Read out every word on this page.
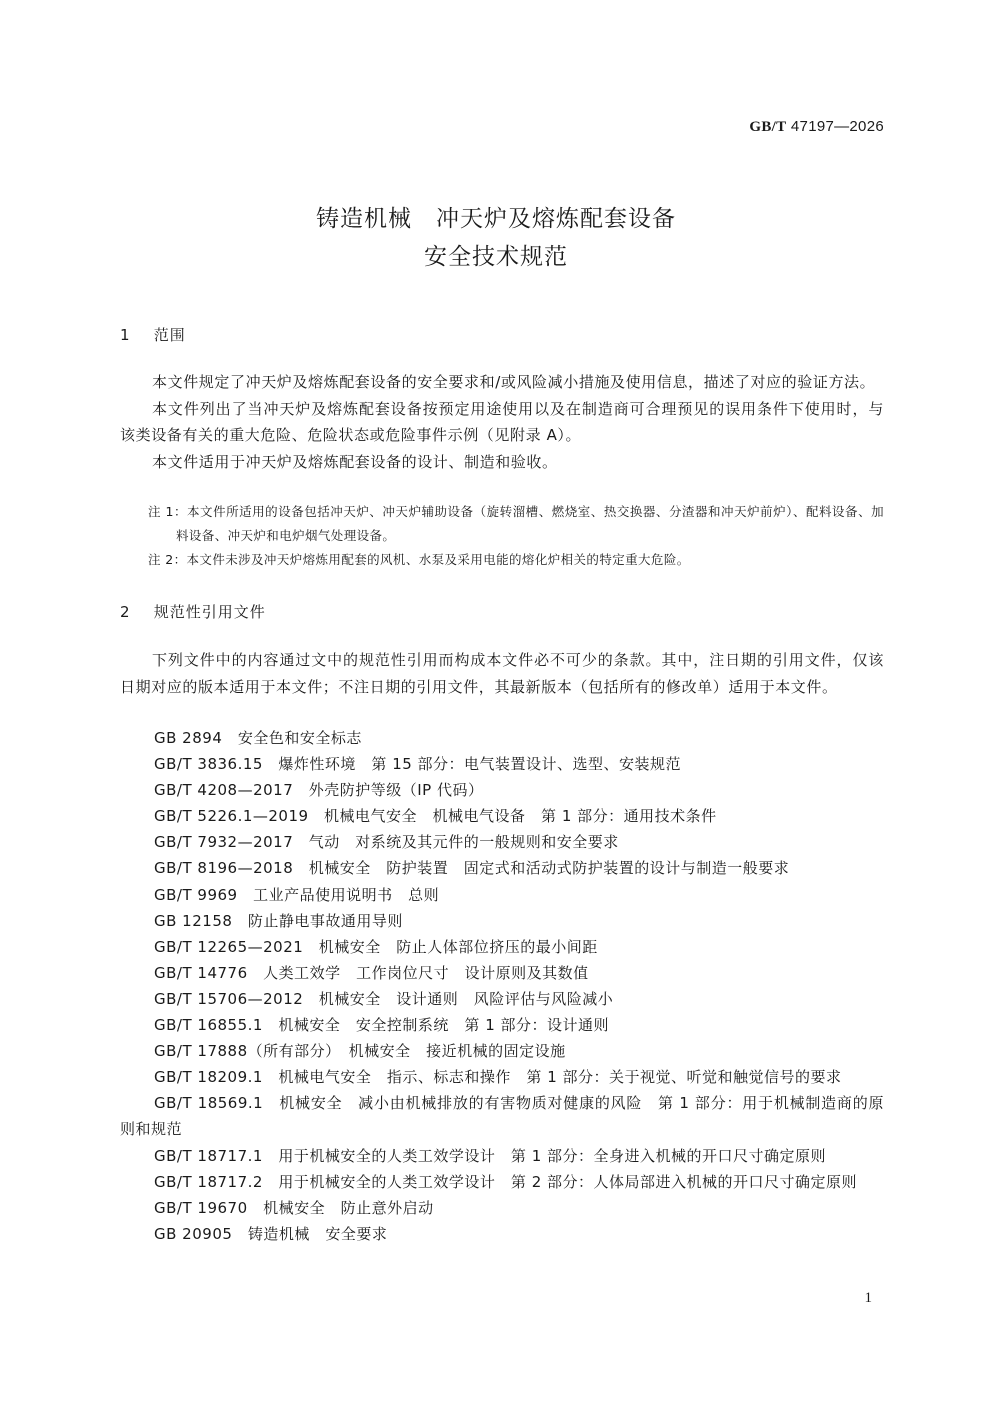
GB/T 47197—2026
铸造机械　冲天炉及熔炼配套设备
安全技术规范
1 范围

本文件规定了冲天炉及熔炼配套设备的安全要求和/或风险减小措施及使用信息，描述了对应的验证方法。

本文件列出了当冲天炉及熔炼配套设备按预定用途使用以及在制造商可合理预见的误用条件下使用时，与该类设备有关的重大危险、危险状态或危险事件示例（见附录 A）。

本文件适用于冲天炉及熔炼配套设备的设计、制造和验收。

注 1：本文件所适用的设备包括冲天炉、冲天炉辅助设备（旋转溜槽、燃烧室、热交换器、分渣器和冲天炉前炉）、配料设备、加料设备、冲天炉和电炉烟气处理设备。

注 2：本文件未涉及冲天炉熔炼用配套的风机、水泵及采用电能的熔化炉相关的特定重大危险。

2 规范性引用文件

下列文件中的内容通过文中的规范性引用而构成本文件必不可少的条款。其中，注日期的引用文件，仅该日期对应的版本适用于本文件；不注日期的引用文件，其最新版本（包括所有的修改单）适用于本文件。

GB 2894　安全色和安全标志

GB/T 3836.15　爆炸性环境　第 15 部分：电气装置设计、选型、安装规范

GB/T 4208—2017　外壳防护等级（IP 代码）

GB/T 5226.1—2019　机械电气安全　机械电气设备　第 1 部分：通用技术条件

GB/T 7932—2017　气动　对系统及其元件的一般规则和安全要求

GB/T 8196—2018　机械安全　防护装置　固定式和活动式防护装置的设计与制造一般要求

GB/T 9969　工业产品使用说明书　总则

GB 12158　防止静电事故通用导则

GB/T 12265—2021　机械安全　防止人体部位挤压的最小间距

GB/T 14776　人类工效学　工作岗位尺寸　设计原则及其数值

GB/T 15706—2012　机械安全　设计通则　风险评估与风险减小

GB/T 16855.1　机械安全　安全控制系统　第 1 部分：设计通则

GB/T 17888（所有部分）　机械安全　接近机械的固定设施

GB/T 18209.1　机械电气安全　指示、标志和操作　第 1 部分：关于视觉、听觉和触觉信号的要求

GB/T 18569.1　机械安全　减小由机械排放的有害物质对健康的风险　第 1 部分：用于机械制造商的原则和规范

GB/T 18717.1　用于机械安全的人类工效学设计　第 1 部分：全身进入机械的开口尺寸确定原则

GB/T 18717.2　用于机械安全的人类工效学设计　第 2 部分：人体局部进入机械的开口尺寸确定原则

GB/T 19670　机械安全　防止意外启动

GB 20905　铸造机械　安全要求

1
